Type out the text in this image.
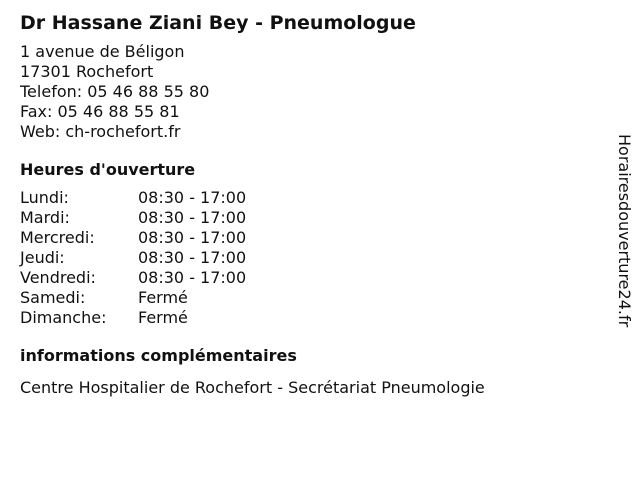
Dr Hassane Ziani Bey - Pneumologue
1 avenue de Béligon
17301 Rochefort
Telefon: 05 46 88 55 80
Fax: 05 46 88 55 81
Web: ch-rochefort.fr
Heures d'ouverture
Lundi:	08:30 - 17:00
Mardi:	08:30 - 17:00
Mercredi:	08:30 - 17:00
Jeudi:	08:30 - 17:00
Vendredi:	08:30 - 17:00
Samedi:	Fermé
Dimanche:	Fermé
informations complémentaires
Centre Hospitalier de Rochefort - Secrétariat Pneumologie
Horairesdouverture24.fr
